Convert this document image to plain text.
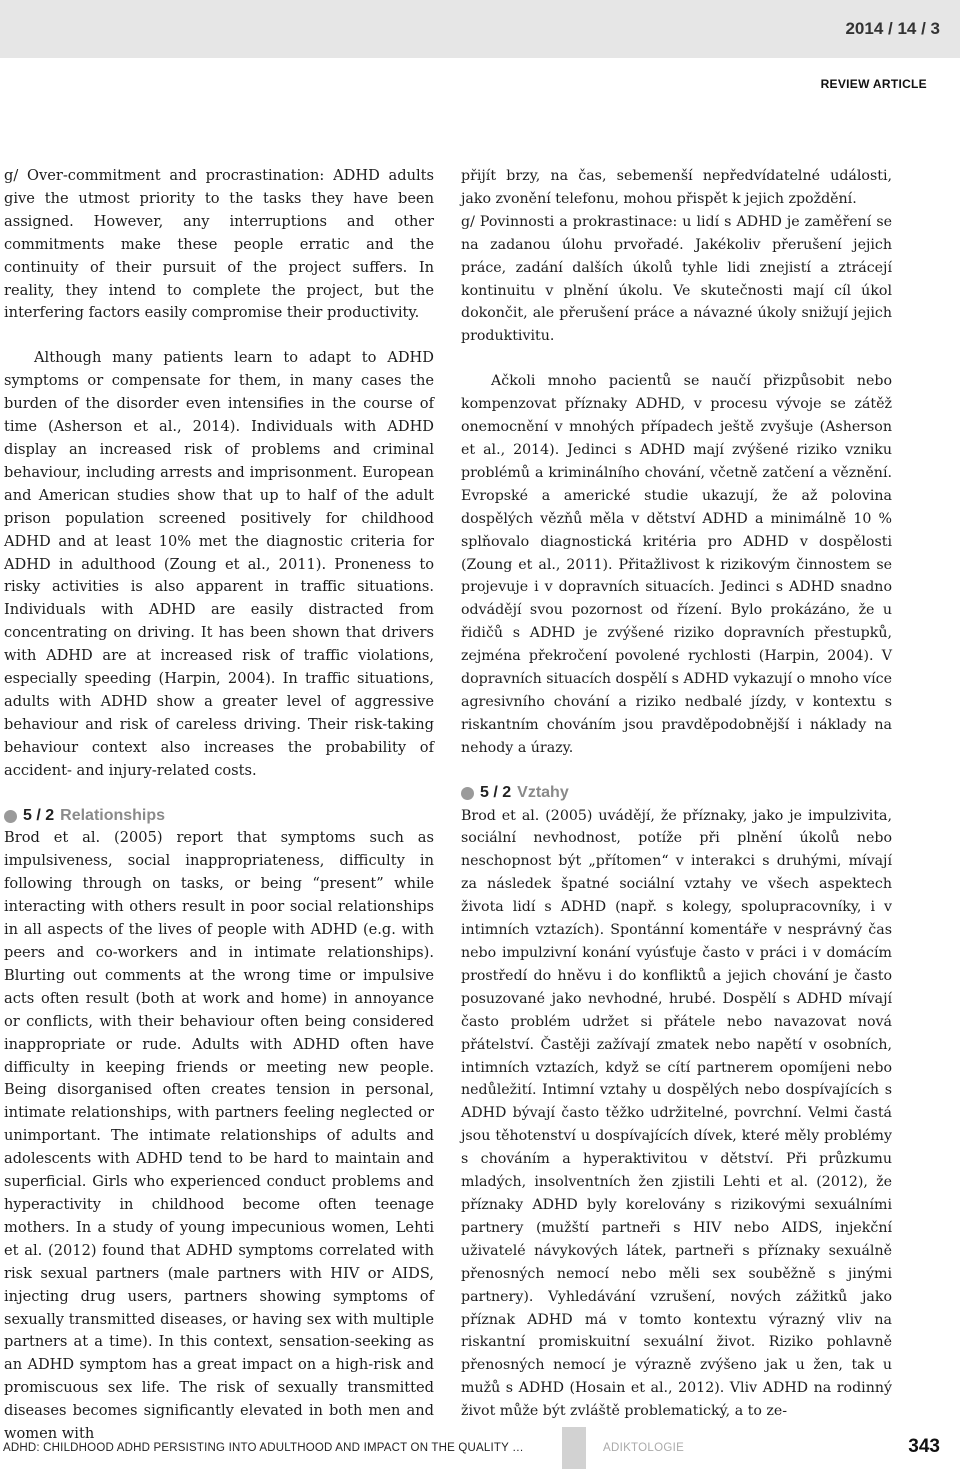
2014 / 14 / 3
REVIEW ARTICLE

g/ Over-commitment and procrastination: ADHD adults give the utmost priority to the tasks they have been assigned. However, any interruptions and other commitments make these people erratic and the continuity of their pursuit of the project suffers. In reality, they intend to complete the project, but the interfering factors easily compromise their productivity.

Although many patients learn to adapt to ADHD symptoms or compensate for them, in many cases the burden of the disorder even intensifies in the course of time (Asherson et al., 2014). Individuals with ADHD display an increased risk of problems and criminal behaviour, including arrests and imprisonment. European and American studies show that up to half of the adult prison population screened positively for childhood ADHD and at least 10% met the diagnostic criteria for ADHD in adulthood (Zoung et al., 2011). Proneness to risky activities is also apparent in traffic situations. Individuals with ADHD are easily distracted from concentrating on driving. It has been shown that drivers with ADHD are at increased risk of traffic violations, especially speeding (Harpin, 2004). In traffic situations, adults with ADHD show a greater level of aggressive behaviour and risk of careless driving. Their risk-taking behaviour context also increases the probability of accident- and injury-related costs.

5 / 2 Relationships

Brod et al. (2005) report that symptoms such as impulsiveness, social inappropriateness, difficulty in following through on tasks, or being “present” while interacting with others result in poor social relationships in all aspects of the lives of people with ADHD (e.g. with peers and co-workers and in intimate relationships). Blurting out comments at the wrong time or impulsive acts often result (both at work and home) in annoyance or conflicts, with their behaviour often being considered inappropriate or rude. Adults with ADHD often have difficulty in keeping friends or meeting new people. Being disorganised often creates tension in personal, intimate relationships, with partners feeling neglected or unimportant. The intimate relationships of adults and adolescents with ADHD tend to be hard to maintain and superficial. Girls who experienced conduct problems and hyperactivity in childhood become often teenage mothers. In a study of young impecunious women, Lehti et al. (2012) found that ADHD symptoms correlated with risk sexual partners (male partners with HIV or AIDS, injecting drug users, partners showing symptoms of sexually transmitted diseases, or having sex with multiple partners at a time). In this context, sensation-seeking as an ADHD symptom has a great impact on a high-risk and promiscuous sex life. The risk of sexually transmitted diseases becomes significantly elevated in both men and women with

přijít brzy, na čas, sebemenší nepředvídatelné události, jako zvonění telefonu, mohou přispět k jejich zpoždění.

g/ Povinnosti a prokrastinace: u lidí s ADHD je zaměření se na zadanou úlohu prvořadé. Jakékoliv přerušení jejich práce, zadání dalších úkolů tyhle lidi znejistí a ztrácejí kontinuitu v plnění úkolu. Ve skutečnosti mají cíl úkol dokončit, ale přerušení práce a návazné úkoly snižují jejich produktivitu.

Ačkoli mnoho pacientů se naučí přizpůsobit nebo kompenzovat příznaky ADHD, v procesu vývoje se zátěž onemocnění v mnohých případech ještě zvyšuje (Asherson et al., 2014). Jedinci s ADHD mají zvýšené riziko vzniku problémů a kriminálního chování, včetně zatčení a věznění. Evropské a americké studie ukazují, že až polovina dospělých vězňů měla v dětství ADHD a minimálně 10 % splňovalo diagnostická kritéria pro ADHD v dospělosti (Zoung et al., 2011). Přitažlivost k rizikovým činnostem se projevuje i v dopravních situacích. Jedinci s ADHD snadno odvádějí svou pozornost od řízení. Bylo prokázáno, že u řidičů s ADHD je zvýšené riziko dopravních přestupků, zejména překročení povolené rychlosti (Harpin, 2004). V dopravních situacích dospělí s ADHD vykazují o mnoho více agresivního chování a riziko nedbalé jízdy, v kontextu s riskantním chováním jsou pravděpodobnější i náklady na nehody a úrazy.

5 / 2 Vztahy

Brod et al. (2005) uvádějí, že příznaky, jako je impulzivita, sociální nevhodnost, potíže při plnění úkolů nebo neschopnost být „přítomen“ v interakci s druhými, mívají za následek špatné sociální vztahy ve všech aspektech života lidí s ADHD (např. s kolegy, spolupracovníky, i v intimních vztazích). Spontánní komentáře v nesprávný čas nebo impulzivní konání vyúsťuje často v práci i v domácím prostředí do hněvu i do konfliktů a jejich chování je často posuzované jako nevhodné, hrubé. Dospělí s ADHD mívají často problém udržet si přátele nebo navazovat nová přátelství. Častěji zažívají zmatek nebo napětí v osobních, intimních vztazích, když se cítí partnerem opomíjeni nebo nedůležití. Intimní vztahy u dospělých nebo dospívajících s ADHD bývají často těžko udržitelné, povrchní. Velmi častá jsou těhotenství u dospívajících dívek, které měly problémy s chováním a hyperaktivitou v dětství. Při průzkumu mladých, insolventních žen zjistili Lehti et al. (2012), že příznaky ADHD byly korelovány s rizikovými sexuálními partnery (mužští partneři s HIV nebo AIDS, injekční uživatelé návykových látek, partneři s příznaky sexuálně přenosných nemocí nebo měli sex souběžně s jinými partnery). Vyhledávání vzrušení, nových zážitků jako příznak ADHD má v tomto kontextu výrazný vliv na riskantní promiskuitní sexuální život. Riziko pohlavně přenosných nemocí je výrazně zvýšeno jak u žen, tak u mužů s ADHD (Hosain et al., 2012). Vliv ADHD na rodinný život může být zvláště problematický, a to ze-

ADHD: CHILDHOOD ADHD PERSISTING INTO ADULTHOOD AND IMPACT ON THE QUALITY …	ADIKTOLOGIE	343
